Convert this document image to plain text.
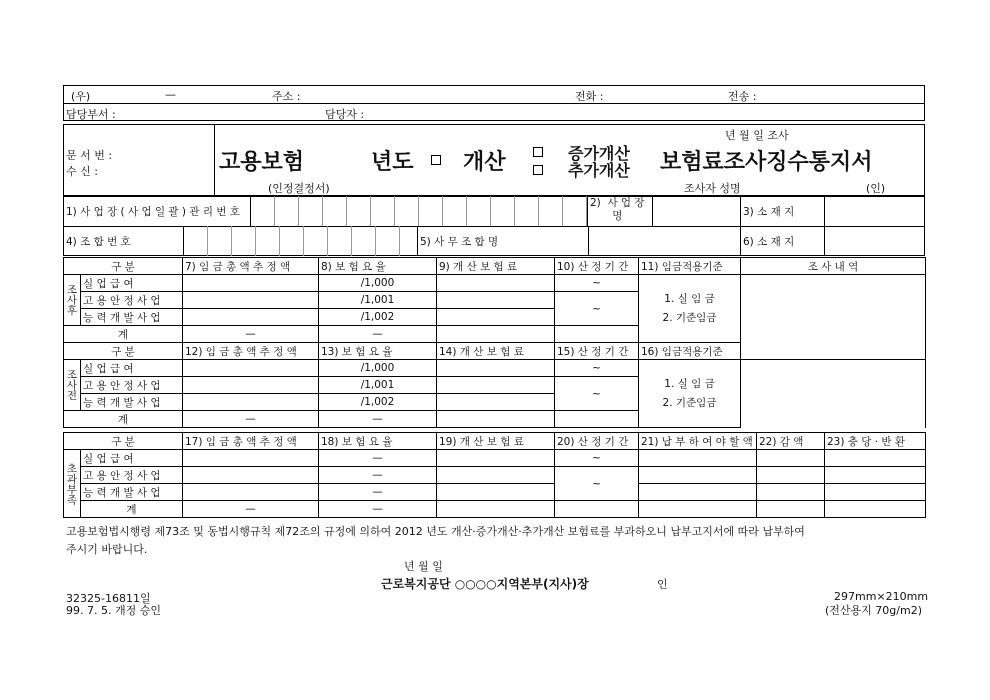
(우)	—	주소 :	전화 :	전송 :
담당부서 :	담당자 :
문 서 번 :
수 신 :
년 월 일 조사
고용보험	년도 개산	증가개산
추가개산 보험료조사징수통지서
(인정결정서)	조사자 성명	(인)
1) 사 업 장 ( 사 업 일 괄 ) 관 리 번 호
2)  사 업 장
명	3) 소 재 지
4) 조 합 번 호	5) 사 무 조 합 명	6) 소 재 지
구 분		7) 임 금 총 액 추 정 액	8) 보 험 요 율	9) 개 산 보 험 료	10) 산 정 기 간	11) 임금적용기준	조 사 내 역	
조사후	실 업 급 여		/1,000		~	1. 실 임 금
2. 기준임금		

	고 용 안 정 사 업		/1,001		~			
	능 력 개 발 사 업		/1,002					
계		—	—					
구 분		12) 임 금 총 액 추 정 액	13) 보 험 요 율	14) 개 산 보 험 료	15) 산 정 기 간	16) 임금적용기준		
조사전	실 업 급 여		/1,000		~	1. 실 임 금
2. 기준임금		

	고 용 안 정 사 업		/1,001		~			
	능 력 개 발 사 업		/1,002					
계		—	—					
구 분		17) 임 금 총 액 추 정 액	18) 보 험 요 율	19) 개 산 보 험 료	20) 산 정 기 간	21) 납 부 하 여 야 할 액	22) 감 액	23) 충 당 · 반 환
초과부족	실 업 급 여		—		~			
	고 용 안 정 사 업		—		~			
	능 력 개 발 사 업		—					
	계	—	—					
고용보험법시행령 제73조 및 동법시행규칙 제72조의 규정에 의하여 2012 년도 개산·증가개산·추가개산 보험료를 부과하오니 납부고지서에 따라 납부하여
주시기 바랍니다.
년 월 일
근로복지공단 ○○○○지역본부(지사)장	인
32325-16811일
99. 7. 5. 개정 승인
297mm×210mm
(전산용지 70g/m2)
